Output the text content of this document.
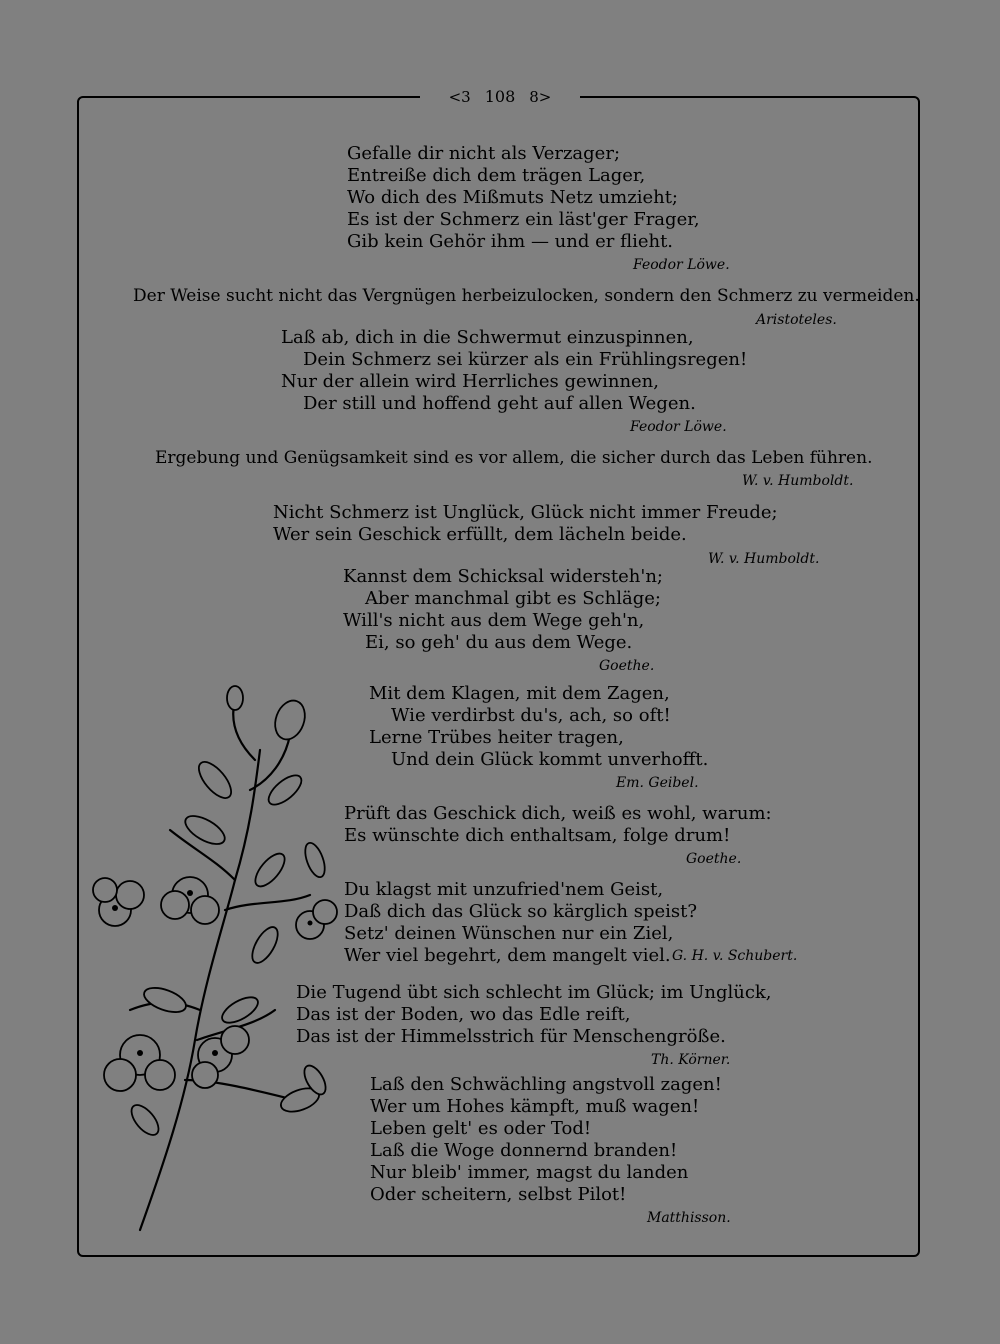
<3 108 8>
Gefalle dir nicht als Verzager;
Entreiße dich dem trägen Lager,
Wo dich des Mißmuts Netz umzieht;
Es ist der Schmerz ein läst'ger Frager,
Gib kein Gehör ihm — und er flieht.
Feodor Löwe.
Der Weise sucht nicht das Vergnügen herbeizulocken, sondern den Schmerz zu vermeiden.
Aristoteles.
Laß ab, dich in die Schwermut einzuspinnen,
Dein Schmerz sei kürzer als ein Frühlingsregen!
Nur der allein wird Herrliches gewinnen,
Der still und hoffend geht auf allen Wegen.
Feodor Löwe.
Ergebung und Genügsamkeit sind es vor allem, die sicher durch das Leben führen.
W. v. Humboldt.
Nicht Schmerz ist Unglück, Glück nicht immer Freude;
Wer sein Geschick erfüllt, dem lächeln beide.
W. v. Humboldt.
Kannst dem Schicksal widersteh'n;
Aber manchmal gibt es Schläge;
Will's nicht aus dem Wege geh'n,
Ei, so geh' du aus dem Wege.
Goethe.
Mit dem Klagen, mit dem Zagen,
Wie verdirbst du's, ach, so oft!
Lerne Trübes heiter tragen,
Und dein Glück kommt unverhofft.
Em. Geibel.
Prüft das Geschick dich, weiß es wohl, warum:
Es wünschte dich enthaltsam, folge drum!
Goethe.
Du klagst mit unzufried'nem Geist,
Daß dich das Glück so kärglich speist?
Setz' deinen Wünschen nur ein Ziel,
Wer viel begehrt, dem mangelt viel. G. H. v. Schubert.
Die Tugend übt sich schlecht im Glück; im Unglück,
Das ist der Boden, wo das Edle reift,
Das ist der Himmelsstrich für Menschengröße.
Th. Körner.
Laß den Schwächling angstvoll zagen!
Wer um Hohes kämpft, muß wagen!
Leben gelt' es oder Tod!
Laß die Woge donnernd branden!
Nur bleib' immer, magst du landen
Oder scheitern, selbst Pilot!
Matthisson.
